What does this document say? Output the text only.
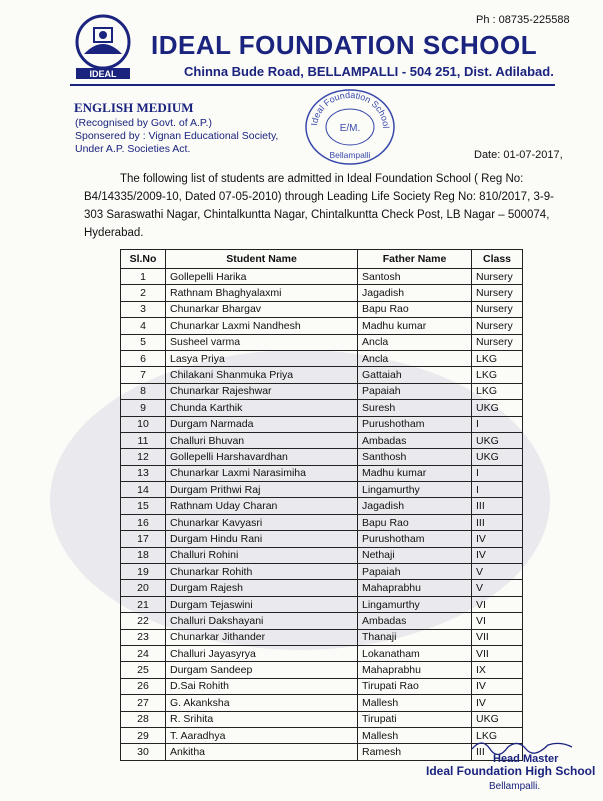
Ph : 08735-225588
IDEAL
IDEAL FOUNDATION SCHOOL
Chinna Bude Road, BELLAMPALLI - 504 251, Dist. Adilabad.
ENGLISH MEDIUM
(Recognised by Govt. of A.P.)
Sponsered by : Vignan Educational Society,
Under A.P. Societies Act.
Ideal Foundation School
E/M.
Bellampalli	Date: 01-07-2017,
The following list of students are admitted in Ideal Foundation School ( Reg No: B4/14335/2009-10, Dated 07-05-2010) through Leading Life Society Reg No: 810/2017, 3-9-303 Saraswathi Nagar, Chintalkuntta Nagar, Chintalkuntta Check Post, LB Nagar – 500074, Hyderabad.
Sl.No	Student Name	Father Name	Class
1	Gollepelli Harika	Santosh	Nursery
2	Rathnam Bhaghyalaxmi	Jagadish	Nursery
3	Chunarkar Bhargav	Bapu Rao	Nursery
4	Chunarkar Laxmi Nandhesh	Madhu kumar	Nursery
5	Susheel varma	Ancla	Nursery
6	Lasya Priya	Ancla	LKG
7	Chilakani Shanmuka Priya	Gattaiah	LKG
8	Chunarkar Rajeshwar	Papaiah	LKG
9	Chunda Karthik	Suresh	UKG
10	Durgam Narmada	Purushotham	I
11	Challuri Bhuvan	Ambadas	UKG
12	Gollepelli Harshavardhan	Santhosh	UKG
13	Chunarkar Laxmi Narasimiha	Madhu kumar	I
14	Durgam Prithwi Raj	Lingamurthy	I
15	Rathnam Uday Charan	Jagadish	III
16	Chunarkar Kavyasri	Bapu Rao	III
17	Durgam Hindu Rani	Purushotham	IV
18	Challuri Rohini	Nethaji	IV
19	Chunarkar Rohith	Papaiah	V
20	Durgam Rajesh	Mahaprabhu	V
21	Durgam Tejaswini	Lingamurthy	VI
22	Challuri Dakshayani	Ambadas	VI
23	Chunarkar Jithander	Thanaji	VII
24	Challuri Jayasyrya	Lokanatham	VII
25	Durgam Sandeep	Mahaprabhu	IX
26	D.Sai Rohith	Tirupati Rao	IV
27	G. Akanksha	Mallesh	IV
28	R. Srihita	Tirupati	UKG
29	T. Aaradhya	Mallesh	LKG
30	Ankitha	Ramesh	III
Head Master
Ideal Foundation High School
Bellampalli.
